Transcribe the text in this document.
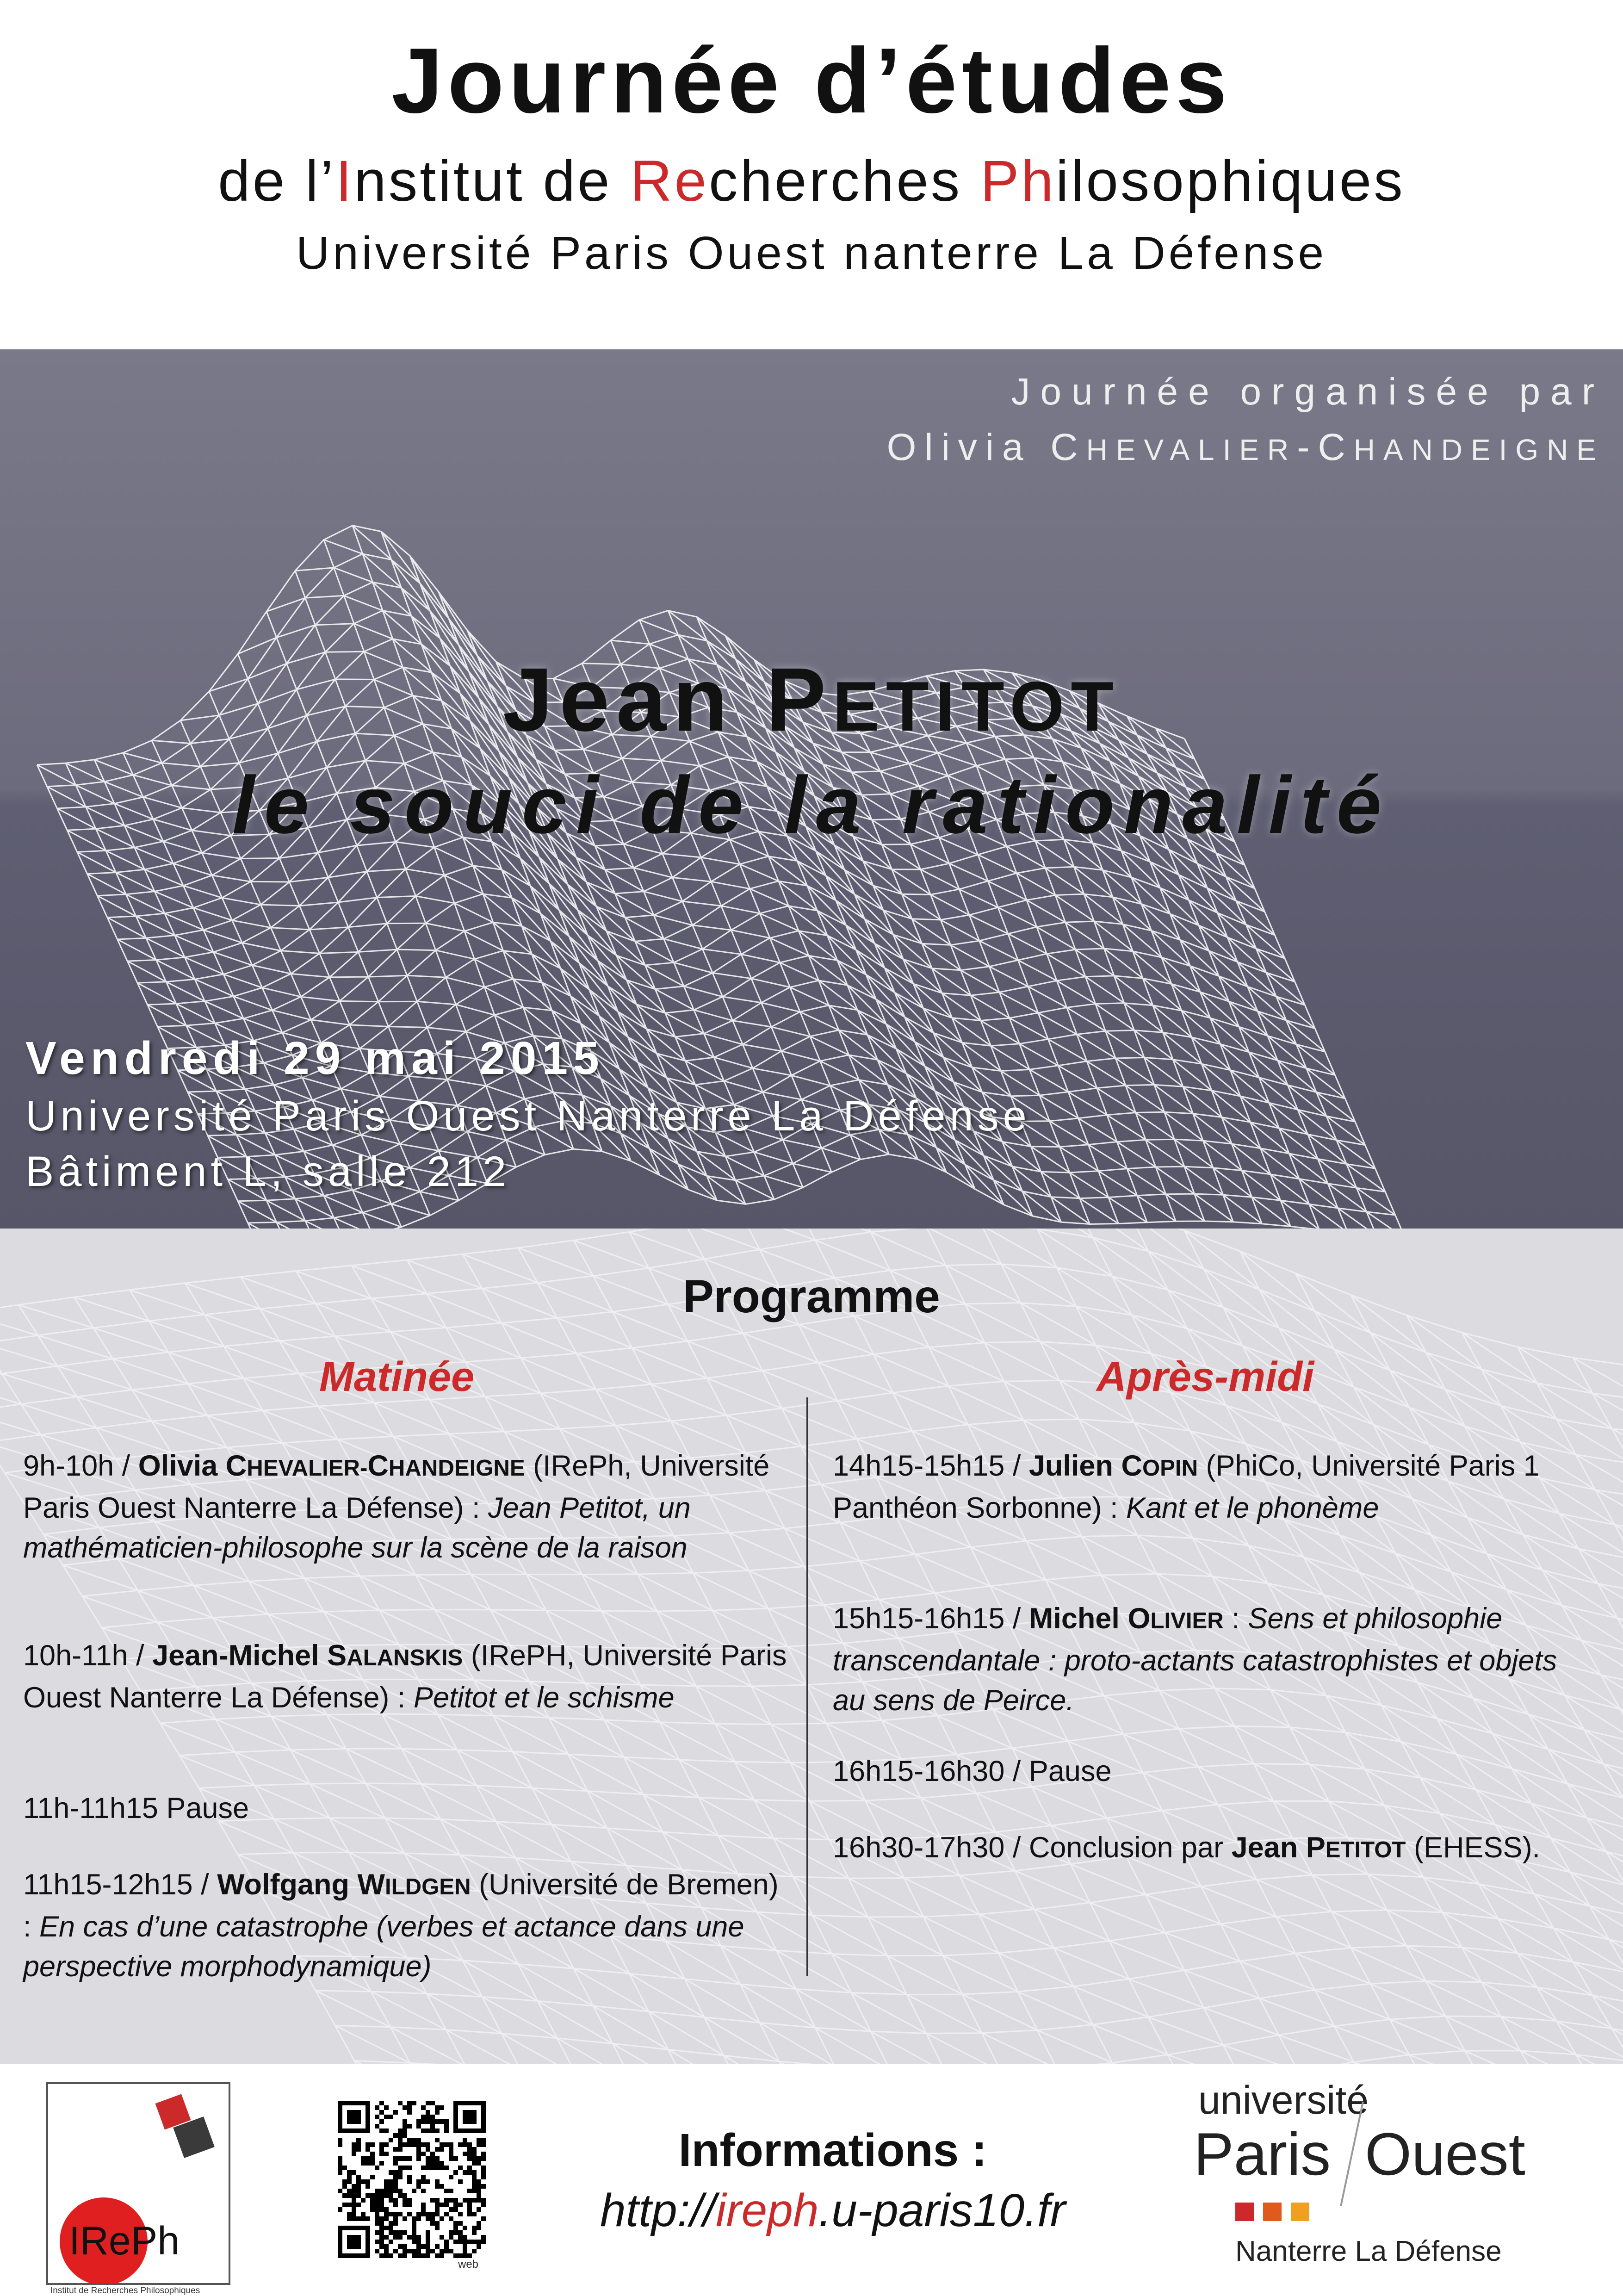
Journée d’études
de l’Institut de Recherches Philosophiques
Université Paris Ouest nanterre La Défense
Journée organisée par
Olivia CHEVALIER-CHANDEIGNE
Jean PETITOT
le souci de la rationalité
Vendredi 29 mai 2015
Université Paris Ouest Nanterre La Défense
Bâtiment L, salle 212
Programme
Matinée	Après-midi
9h-10h / Olivia CHEVALIER-CHANDEIGNE (IRePh, Université Paris Ouest Nanterre La Défense) : Jean Petitot, un mathématicien-philosophe sur la scène de la raison
10h-11h / Jean-Michel SALANSKIS (IRePH, Université Paris Ouest Nanterre La Défense) : Petitot et le schisme
11h-11h15 Pause
11h15-12h15 / Wolfgang WILDGEN (Université de Bremen) : En cas d’une catastrophe (verbes et actance dans une perspective morphodynamique)
14h15-15h15 / Julien COPIN (PhiCo, Université Paris 1 Panthéon Sorbonne) : Kant et le phonème
15h15-16h15 / Michel OLIVIER : Sens et philosophie transcendantale : proto-actants catastrophistes et objets au sens de Peirce.
16h15-16h30 / Pause
16h30-17h30 / Conclusion par Jean PETITOT (EHESS).
IRePh
Institut de Recherches Philosophiques
web
Informations :
http://ireph.u-paris10.fr
université
Paris Ouest
Nanterre La Défense
